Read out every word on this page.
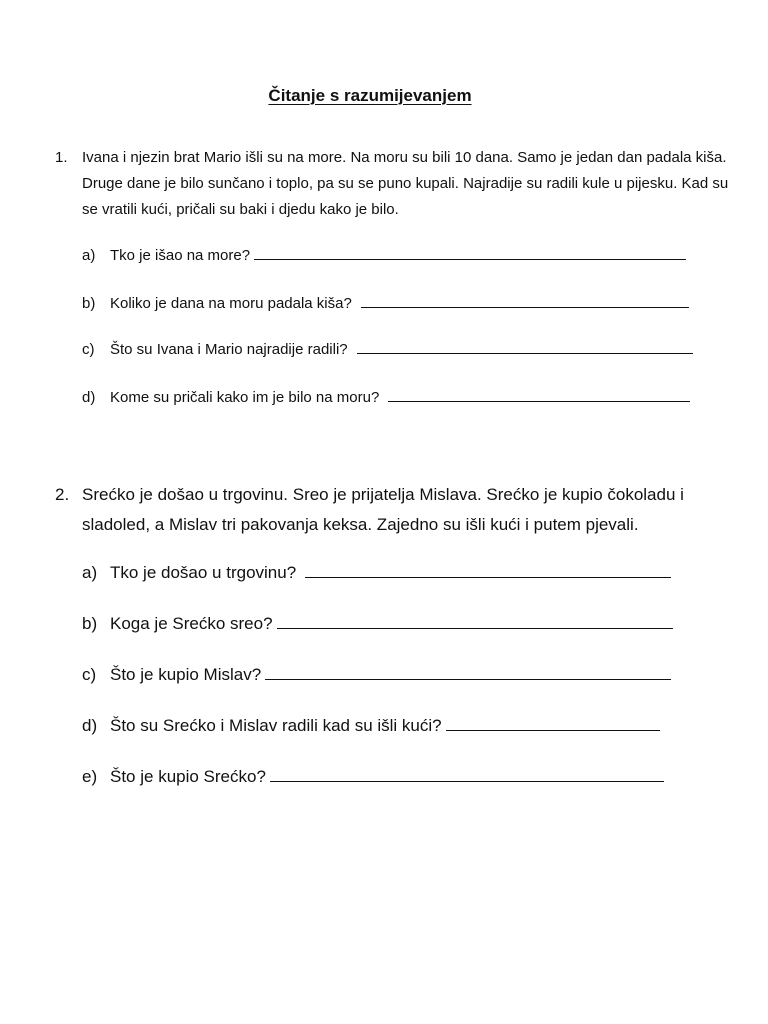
Čitanje s razumijevanjem
1. Ivana i njezin brat Mario išli su na more. Na moru su bili 10 dana. Samo je jedan dan padala kiša. Druge dane je bilo sunčano i toplo, pa su se puno kupali. Najradije su radili kule u pijesku. Kad su se vratili kući, pričali su baki i djedu kako je bilo.

a) Tko je išao na more?
b) Koliko je dana na moru padala kiša?
c) Što su Ivana i Mario najradije radili?
d) Kome su pričali kako im je bilo na moru?
2. Srećko je došao u trgovinu. Sreo je prijatelja Mislava. Srećko je kupio čokoladu i sladoled, a Mislav tri pakovanja keksa. Zajedno su išli kući i putem pjevali.

a) Tko je došao u trgovinu?
b) Koga je Srećko sreo?
c) Što je kupio Mislav?
d) Što su Srećko i Mislav radili kad su išli kući?
e) Što je kupio Srećko?
